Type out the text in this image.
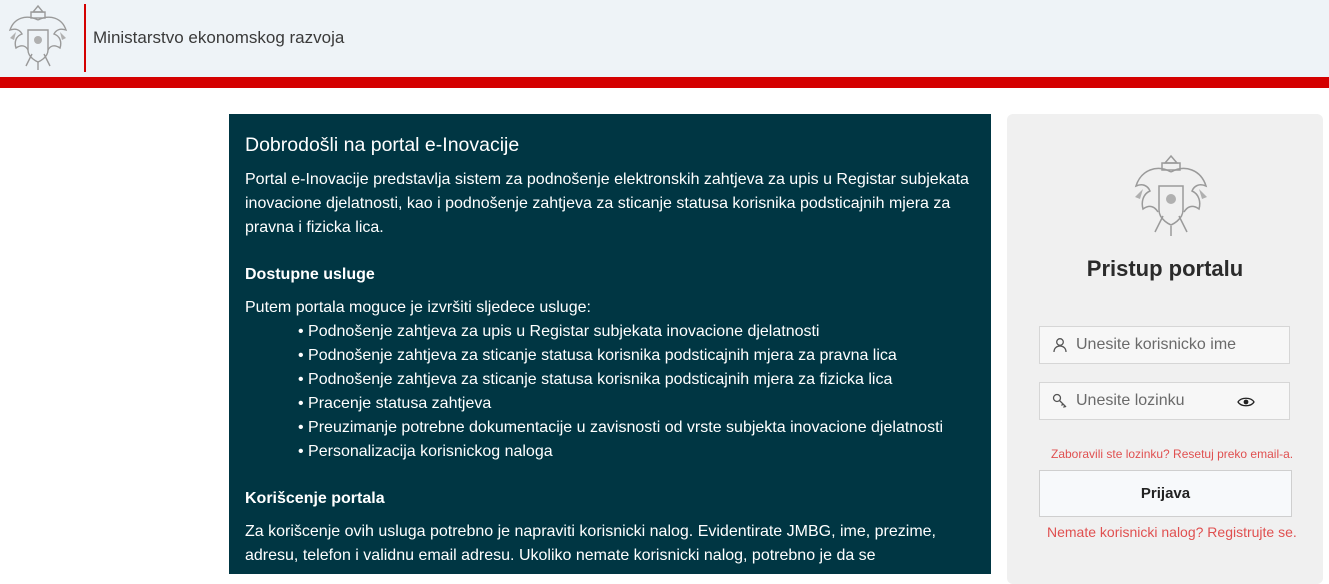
Ministarstvo ekonomskog razvoja
Dobrodošli na portal e-Inovacije

Portal e-Inovacije predstavlja sistem za podnošenje elektronskih zahtjeva za upis u Registar subjekata inovacione djelatnosti, kao i podnošenje zahtjeva za sticanje statusa korisnika podsticajnih mjera za pravna i fizicka lica.

Dostupne usluge

Putem portala moguce je izvršiti sljedece usluge:

• Podnošenje zahtjeva za upis u Registar subjekata inovacione djelatnosti
• Podnošenje zahtjeva za sticanje statusa korisnika podsticajnih mjera za pravna lica
• Podnošenje zahtjeva za sticanje statusa korisnika podsticajnih mjera za fizicka lica
• Pracenje statusa zahtjeva
• Preuzimanje potrebne dokumentacije u zavisnosti od vrste subjekta inovacione djelatnosti
• Personalizacija korisnickog naloga
Korišcenje portala

Za korišcenje ovih usluga potrebno je napraviti korisnicki nalog. Evidentirate JMBG, ime, prezime, adresu, telefon i validnu email adresu. Ukoliko nemate korisnicki nalog, potrebno je da se

Pristup portalu
Unesite korisnicko ime
Zaboravili ste lozinku? Resetuj preko email-a.
Prijava
Nemate korisnicki nalog? Registrujte se.
